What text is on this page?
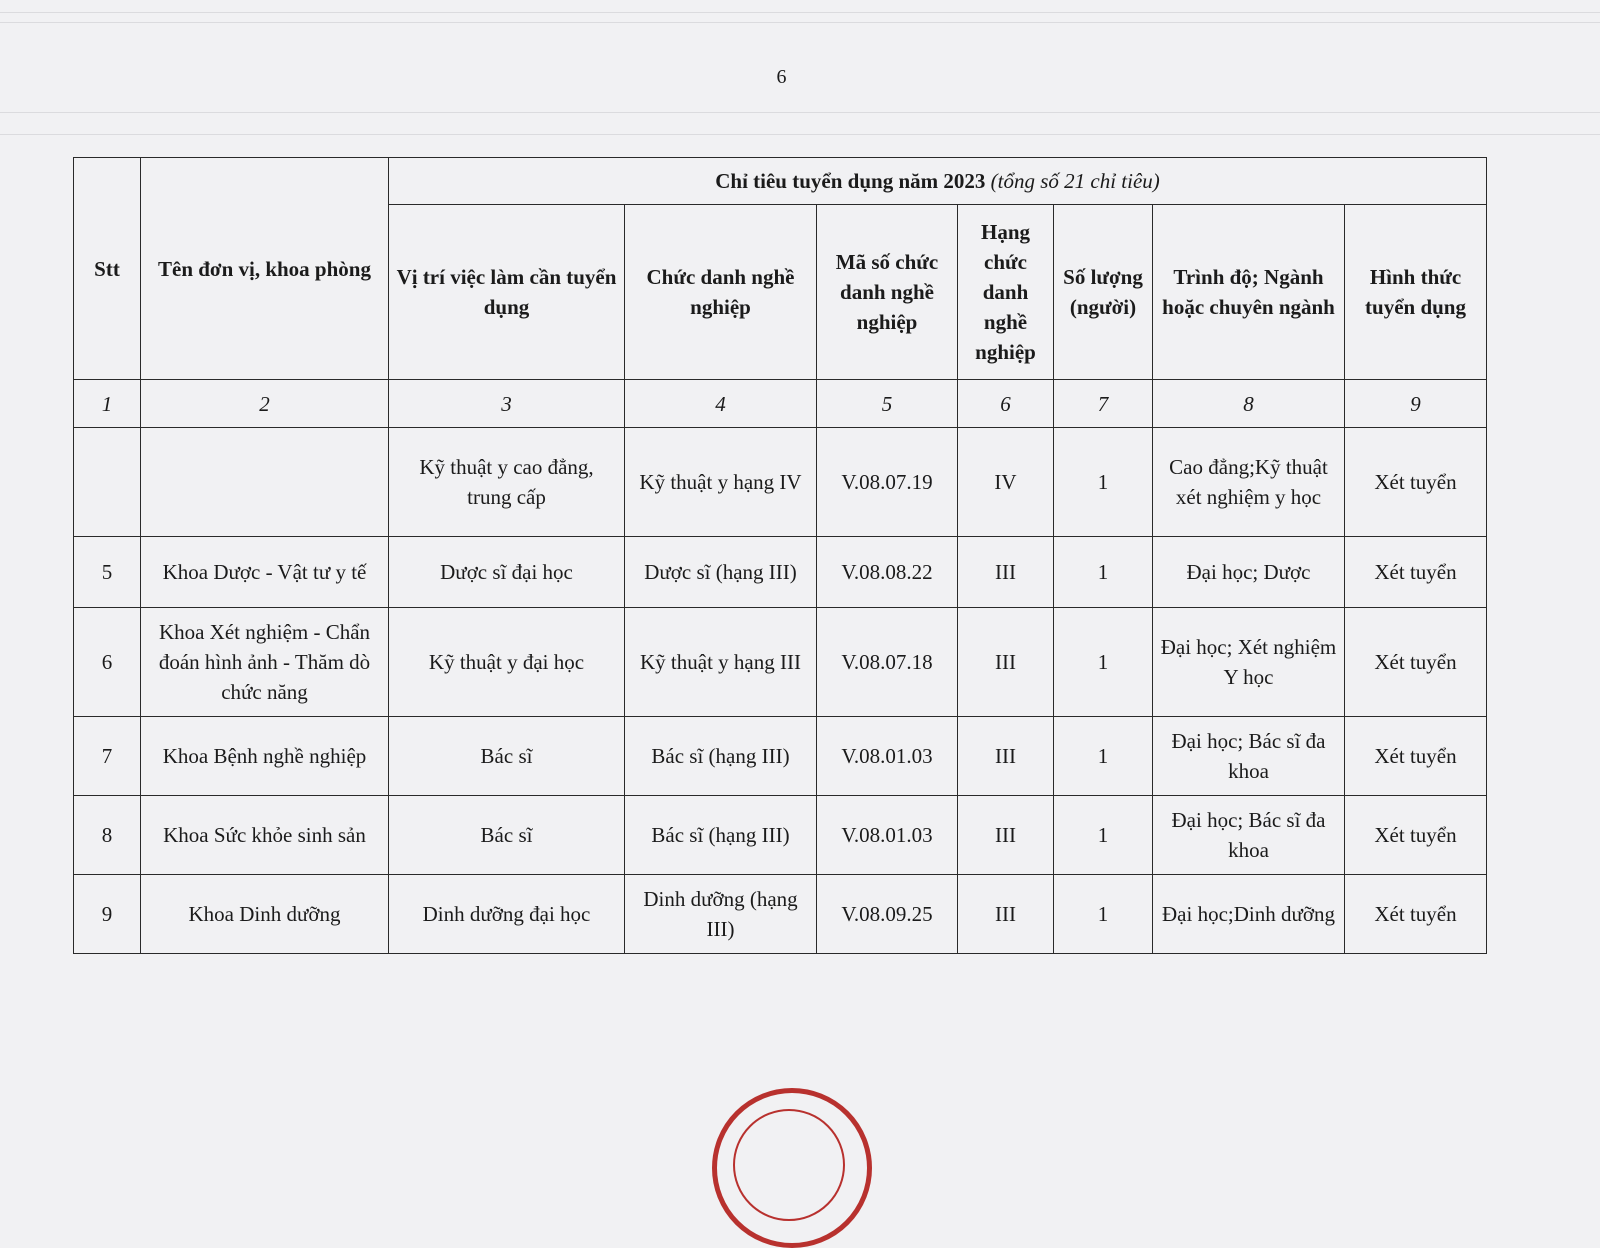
6
Stt	Tên đơn vị, khoa phòng	Chỉ tiêu tuyển dụng năm 2023 (tổng số 21 chỉ tiêu)						
		Vị trí việc làm cần tuyển dụng	Chức danh nghề nghiệp	Mã số chức danh nghề nghiệp	Hạng chức danh nghề nghiệp	Số lượng (người)	Trình độ; Ngành hoặc chuyên ngành	Hình thức tuyển dụng
1	2	3	4	5	6	7	8	9
		Kỹ thuật y cao đẳng, trung cấp	Kỹ thuật y hạng IV	V.08.07.19	IV	1	Cao đẳng;Kỹ thuật xét nghiệm y học	Xét tuyển
5	Khoa Dược - Vật tư y tế	Dược sĩ đại học	Dược sĩ (hạng III)	V.08.08.22	III	1	Đại học; Dược	Xét tuyển
6	Khoa Xét nghiệm - Chẩn đoán hình ảnh - Thăm dò chức năng	Kỹ thuật y đại học	Kỹ thuật y hạng III	V.08.07.18	III	1	Đại học; Xét nghiệm Y học	Xét tuyển
7	Khoa Bệnh nghề nghiệp	Bác sĩ	Bác sĩ (hạng III)	V.08.01.03	III	1	Đại học; Bác sĩ đa khoa	Xét tuyển
8	Khoa Sức khỏe sinh sản	Bác sĩ	Bác sĩ (hạng III)	V.08.01.03	III	1	Đại học; Bác sĩ đa khoa	Xét tuyển
9	Khoa Dinh dưỡng	Dinh dưỡng đại học	Dinh dưỡng (hạng III)	V.08.09.25	III	1	Đại học;Dinh dưỡng	Xét tuyển
